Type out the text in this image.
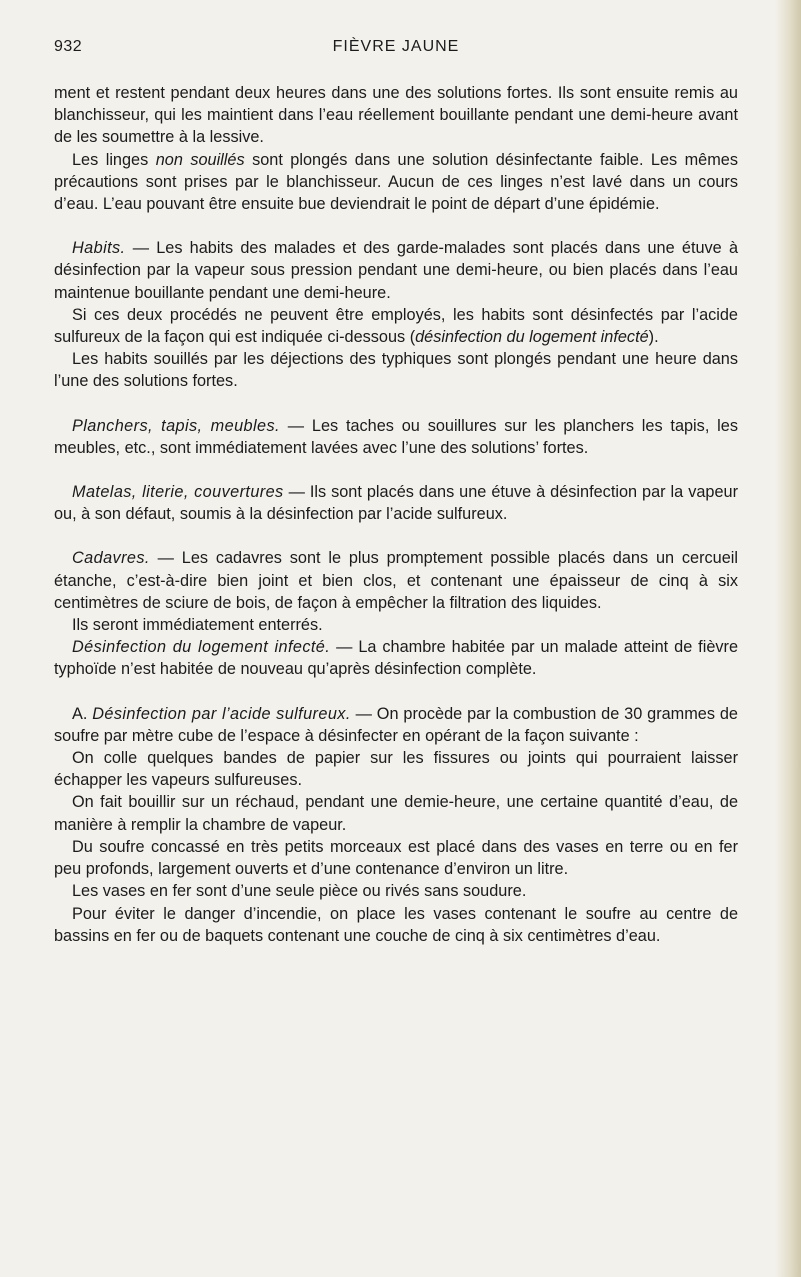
932	FIÈVRE JAUNE

ment et restent pendant deux heures dans une des solutions fortes. Ils sont ensuite remis au blanchisseur, qui les maintient dans l’eau réellement bouillante pendant une demi-heure avant de les soumettre à la lessive.

Les linges non souillés sont plongés dans une solution désinfectante faible. Les mêmes précautions sont prises par le blanchisseur. Aucun de ces linges n’est lavé dans un cours d’eau. L’eau pouvant être ensuite bue deviendrait le point de départ d’une épidémie.

Habits. — Les habits des malades et des garde-malades sont placés dans une étuve à désinfection par la vapeur sous pression pendant une demi-heure, ou bien placés dans l’eau maintenue bouillante pendant une demi-heure.

Si ces deux procédés ne peuvent être employés, les habits sont désinfectés par l’acide sulfureux de la façon qui est indiquée ci-dessous (désinfection du logement infecté).

Les habits souillés par les déjections des typhiques sont plongés pendant une heure dans l’une des solutions fortes.

Planchers, tapis, meubles. — Les taches ou souillures sur les planchers les tapis, les meubles, etc., sont immédiatement lavées avec l’une des solutions’ fortes.

Matelas, literie, couvertures — Ils sont placés dans une étuve à désinfection par la vapeur ou, à son défaut, soumis à la désinfection par l’acide sulfureux.

Cadavres. — Les cadavres sont le plus promptement possible placés dans un cercueil étanche, c’est-à-dire bien joint et bien clos, et contenant une épaisseur de cinq à six centimètres de sciure de bois, de façon à empêcher la filtration des liquides.

Ils seront immédiatement enterrés.

Désinfection du logement infecté. — La chambre habitée par un malade atteint de fièvre typhoïde n’est habitée de nouveau qu’après désinfection complète.

A. Désinfection par l’acide sulfureux. — On procède par la combustion de 30 grammes de soufre par mètre cube de l’espace à désinfecter en opérant de la façon suivante :

On colle quelques bandes de papier sur les fissures ou joints qui pourraient laisser échapper les vapeurs sulfureuses.

On fait bouillir sur un réchaud, pendant une demie-heure, une certaine quantité d’eau, de manière à remplir la chambre de vapeur.

Du soufre concassé en très petits morceaux est placé dans des vases en terre ou en fer peu profonds, largement ouverts et d’une contenance d’environ un litre.

Les vases en fer sont d’une seule pièce ou rivés sans soudure.

Pour éviter le danger d’incendie, on place les vases contenant le soufre au centre de bassins en fer ou de baquets contenant une couche de cinq à six centimètres d’eau.
